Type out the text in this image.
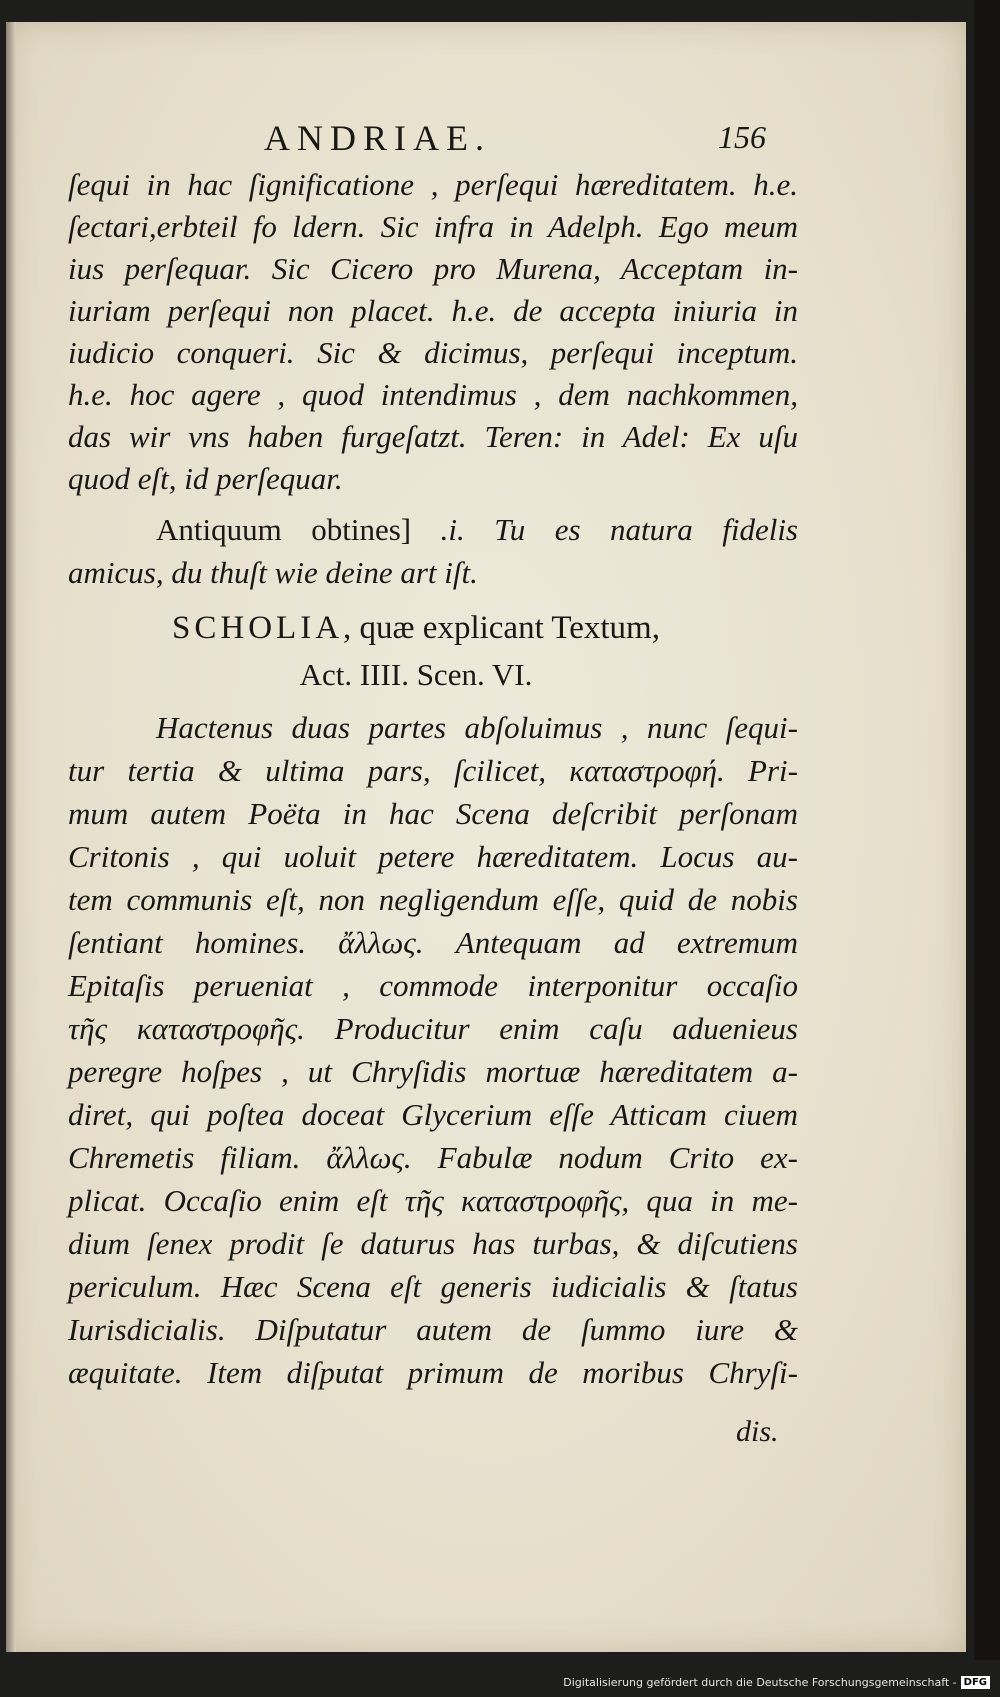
ANDRIAE.	156
ſequi in hac ſignificatione , perſequi hæreditatem. h.e.
ſectari,erbteil fo ldern. Sic infra in Adelph. Ego meum
ius perſequar. Sic Cicero pro Murena, Acceptam in-
iuriam perſequi non placet. h.e. de accepta iniuria in
iudicio conqueri. Sic & dicimus, perſequi inceptum.
h.e. hoc agere , quod intendimus , dem nachkommen,
das wir vns haben furgeſatzt. Teren: in Adel: Ex uſu
quod eſt, id perſequar.
Antiquum obtines] .i. Tu es natura fidelis
amicus, du thuſt wie deine art iſt.
SCHOLIA, quæ explicant Textum,
Act. IIII. Scen. VI.
Hactenus duas partes abſoluimus , nunc ſequi-
tur tertia & ultima pars, ſcilicet, καταστροφή. Pri-
mum autem Poëta in hac Scena deſcribit perſonam
Critonis , qui uoluit petere hæreditatem. Locus au-
tem communis eſt, non negligendum eſſe, quid de nobis
ſentiant homines. ἄλλως. Antequam ad extremum
Epitaſis perueniat , commode interponitur occaſio
τῆς καταστροφῆς. Producitur enim caſu aduenieus
peregre hoſpes , ut Chryſidis mortuæ hæreditatem a-
diret, qui poſtea doceat Glycerium eſſe Atticam ciuem
Chremetis filiam. ἄλλως. Fabulæ nodum Crito ex-
plicat. Occaſio enim eſt τῆς καταστροφῆς, qua in me-
dium ſenex prodit ſe daturus has turbas, & diſcutiens
periculum. Hæc Scena eſt generis iudicialis & ſtatus
Iurisdicialis. Diſputatur autem de ſummo iure &
æquitate. Item diſputat primum de moribus Chryſi-
dis.
Digitalisierung gefördert durch die Deutsche Forschungsgemeinschaft - DFG
